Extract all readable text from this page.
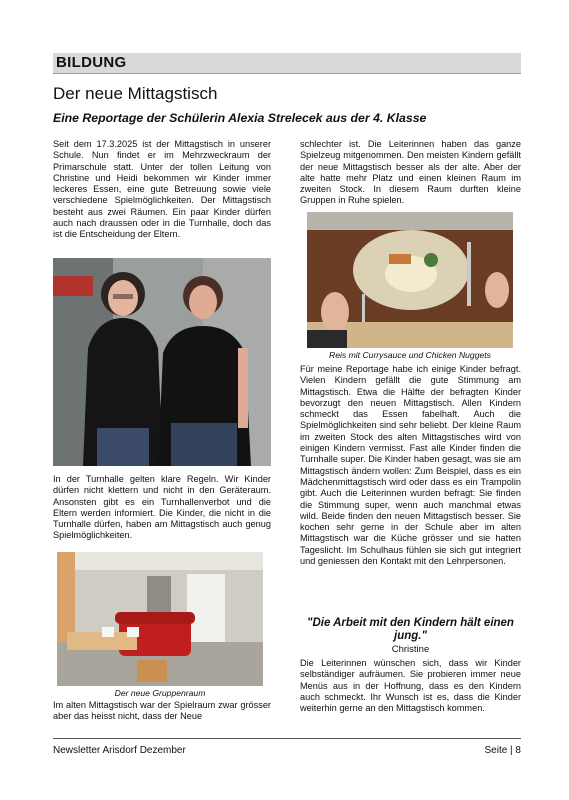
BILDUNG
Der neue Mittagstisch
Eine Reportage der Schülerin Alexia Strelecek aus der 4. Klasse
Seit dem 17.3.2025 ist der Mittagstisch in unserer Schule. Nun findet er im Mehrzweckraum der Primarschule statt. Unter der tollen Leitung von Christine und Heidi bekommen wir Kinder immer leckeres Essen, eine gute Betreuung sowie viele verschiedene Spielmöglichkeiten. Der Mittagstisch besteht aus zwei Räumen. Ein paar Kinder dürfen auch nach draussen oder in die Turnhalle, doch das ist die Entscheidung der Eltern.
In der Turnhalle gelten klare Regeln. Wir Kinder dürfen nicht klettern und nicht in den Geräteraum. Ansonsten gibt es ein Turnhallenverbot und die Eltern werden informiert. Die Kinder, die nicht in die Turnhalle dürfen, haben am Mittagstisch auch genug Spielmöglichkeiten.
Der neue Gruppenraum
Im alten Mittagstisch war der Spielraum zwar grösser aber das heisst nicht, dass der Neue
schlechter ist. Die Leiterinnen haben das ganze Spielzeug mitgenommen. Den meisten Kindern gefällt der neue Mittagstisch besser als der alte. Aber der alte hatte mehr Platz und einen kleinen Raum im zweiten Stock. In diesem Raum durften kleine Gruppen in Ruhe spielen.
Reis mit Currysauce und Chicken Nuggets
Für meine Reportage habe ich einige Kinder befragt. Vielen Kindern gefällt die gute Stimmung am Mittagstisch. Etwa die Hälfte der befragten Kinder bevorzugt den neuen Mittagstisch. Allen Kindern schmeckt das Essen fabelhaft. Auch die Spielmöglichkeiten sind sehr beliebt. Der kleine Raum im zweiten Stock des alten Mittagstisches wird von einigen Kindern vermisst. Fast alle Kinder finden die Turnhalle super. Die Kinder haben gesagt, was sie am Mittagstisch ändern wollen: Zum Beispiel, dass es ein Mädchenmittagstisch wird oder dass es ein Trampolin gibt. Auch die Leiterinnen wurden befragt: Sie finden die Stimmung super, wenn auch manchmal etwas wild. Beide finden den neuen Mittagstisch besser. Sie kochen sehr gerne in der Schule aber im alten Mittagstisch war die Küche grösser und sie hatten Tageslicht. Im Schulhaus fühlen sie sich gut integriert und geniessen den Kontakt mit den Lehrpersonen.
"Die Arbeit mit den Kindern hält einen jung."
Christine
Die Leiterinnen wünschen sich, dass wir Kinder selbständiger aufräumen. Sie probieren immer neue Menüs aus in der Hoffnung, dass es den Kindern auch schmeckt. Ihr Wunsch ist es, dass die Kinder weiterhin gerne an den Mittagstisch kommen.
Newsletter Arisdorf Dezember	Seite | 8
